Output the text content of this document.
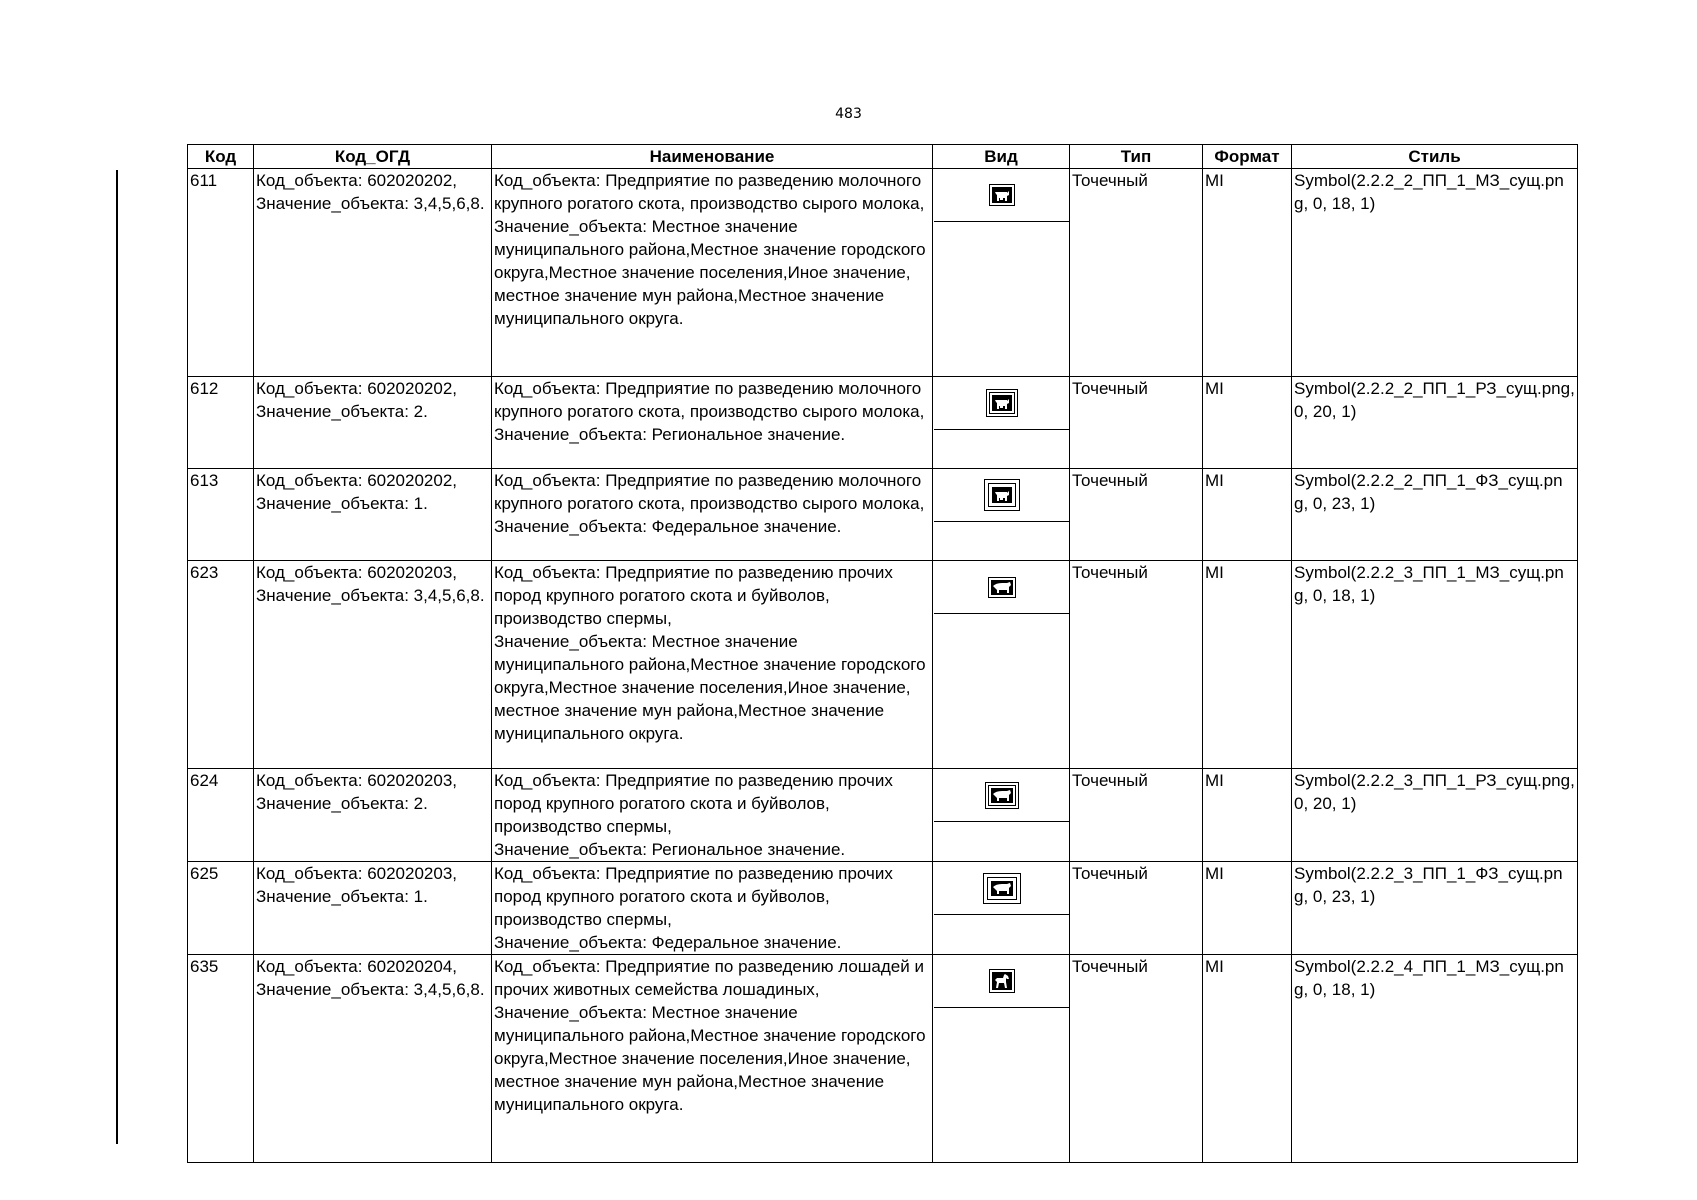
483
Код	Код_ОГД	Наименование	Вид	Тип	Формат	Стиль
611	Код_объекта: 602020202, Значение_объекта: 3,4,5,6,8.	Код_объекта: Предприятие по разведению молочного крупного рогатого скота, производство сырого молока,
Значение_объекта: Местное значение муниципального района,Местное значение городского округа,Местное значение поселения,Иное значение, местное значение мун района,Местное значение муниципального округа.		Точечный	MI	Symbol(2.2.2_2_ПП_1_МЗ_сущ.png, 0, 18, 1)
612	Код_объекта: 602020202, Значение_объекта: 2.	Код_объекта: Предприятие по разведению молочного крупного рогатого скота, производство сырого молока,
Значение_объекта: Региональное значение.		Точечный	MI	Symbol(2.2.2_2_ПП_1_РЗ_сущ.png, 0, 20, 1)
613	Код_объекта: 602020202, Значение_объекта: 1.	Код_объекта: Предприятие по разведению молочного крупного рогатого скота, производство сырого молока,
Значение_объекта: Федеральное значение.		Точечный	MI	Symbol(2.2.2_2_ПП_1_ФЗ_сущ.png, 0, 23, 1)
623	Код_объекта: 602020203, Значение_объекта: 3,4,5,6,8.	Код_объекта: Предприятие по разведению прочих пород крупного рогатого скота и буйволов, производство спермы,
Значение_объекта: Местное значение муниципального района,Местное значение городского округа,Местное значение поселения,Иное значение, местное значение мун района,Местное значение муниципального округа.		Точечный	MI	Symbol(2.2.2_3_ПП_1_МЗ_сущ.png, 0, 18, 1)
624	Код_объекта: 602020203, Значение_объекта: 2.	Код_объекта: Предприятие по разведению прочих пород крупного рогатого скота и буйволов, производство спермы,
Значение_объекта: Региональное значение.		Точечный	MI	Symbol(2.2.2_3_ПП_1_РЗ_сущ.png, 0, 20, 1)
625	Код_объекта: 602020203, Значение_объекта: 1.	Код_объекта: Предприятие по разведению прочих пород крупного рогатого скота и буйволов, производство спермы,
Значение_объекта: Федеральное значение.		Точечный	MI	Symbol(2.2.2_3_ПП_1_ФЗ_сущ.png, 0, 23, 1)
635	Код_объекта: 602020204, Значение_объекта: 3,4,5,6,8.	Код_объекта: Предприятие по разведению лошадей и прочих животных семейства лошадиных,
Значение_объекта: Местное значение муниципального района,Местное значение городского округа,Местное значение поселения,Иное значение, местное значение мун района,Местное значение муниципального округа.		Точечный	MI	Symbol(2.2.2_4_ПП_1_МЗ_сущ.png, 0, 18, 1)
